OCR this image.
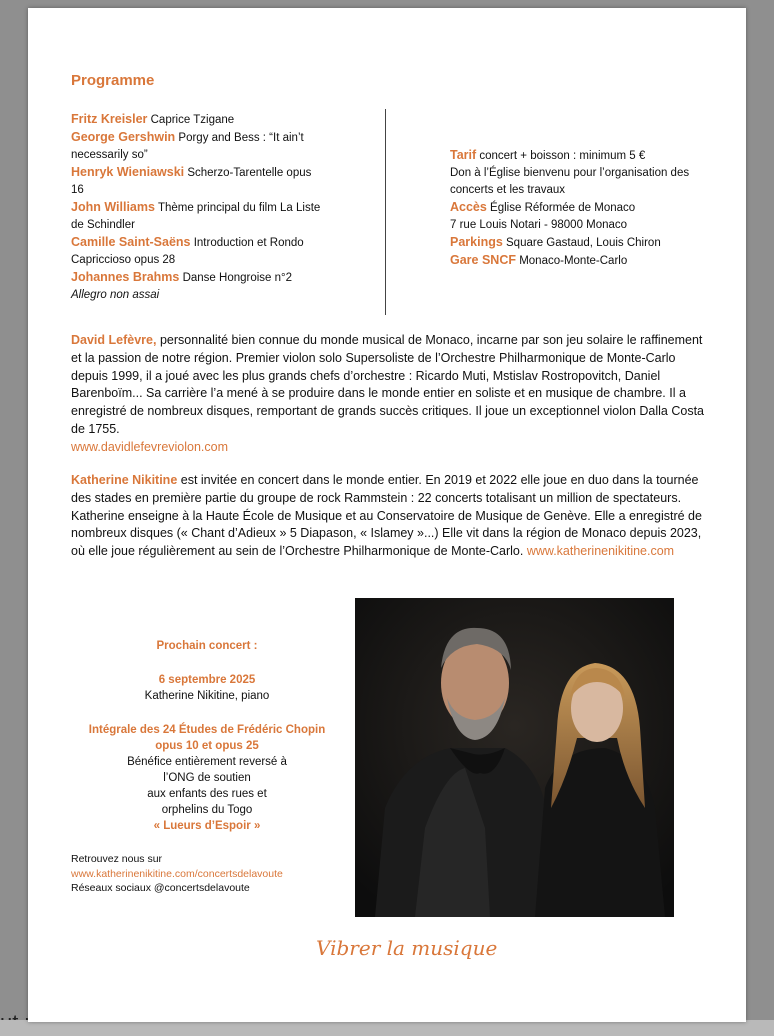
Programme
Fritz Kreisler Caprice Tzigane
George Gershwin Porgy and Bess : “It ain’t necessarily so”
Henryk Wieniawski Scherzo-Tarentelle opus 16
John Williams Thème principal du film La Liste de Schindler
Camille Saint-Saëns Introduction et Rondo Capriccioso opus 28
Johannes Brahms Danse Hongroise n°2
Allegro non assai
Tarif concert + boisson : minimum 5 €
Don à l’Église bienvenu pour l’organisation des concerts et les travaux
Accès Église Réformée de Monaco
7 rue Louis Notari - 98000 Monaco
Parkings Square Gastaud, Louis Chiron
Gare SNCF Monaco-Monte-Carlo
David Lefèvre, personnalité bien connue du monde musical de Monaco, incarne par son jeu solaire le raffinement et la passion de notre région. Premier violon solo Supersoliste de l’Orchestre Philharmonique de Monte-Carlo depuis 1999, il a joué avec les plus grands chefs d’orchestre : Ricardo Muti, Mstislav Rostropovitch, Daniel Barenboïm... Sa carrière l’a mené à se produire dans le monde entier en soliste et en musique de chambre. Il a enregistré de nombreux disques, remportant de grands succès critiques. Il joue un exceptionnel violon Dalla Costa de 1755.
www.davidlefevreviolon.com
Katherine Nikitine est invitée en concert dans le monde entier. En 2019 et 2022 elle joue en duo dans la tournée des stades en première partie du groupe de rock Rammstein : 22 concerts totalisant un million de spectateurs. Katherine enseigne à la Haute École de Musique et au Conservatoire de Musique de Genève. Elle a enregistré de nombreux disques (« Chant d’Adieux » 5 Diapason, « Islamey »...) Elle vit dans la région de Monaco depuis 2023, où elle joue régulièrement au sein de l’Orchestre Philharmonique de Monte-Carlo. www.katherinenikitine.com
Prochain concert :
6 septembre 2025
Katherine Nikitine, piano
Intégrale des 24 Études de Frédéric Chopin
opus 10 et opus 25
Bénéfice entièrement reversé à
l’ONG de soutien
aux enfants des rues et
orphelins du Togo
« Lueurs d’Espoir »
Retrouvez nous sur
www.katherinenikitine.com/concertsdelavoute
Réseaux sociaux @concertsdelavoute
Vibrer la musique
